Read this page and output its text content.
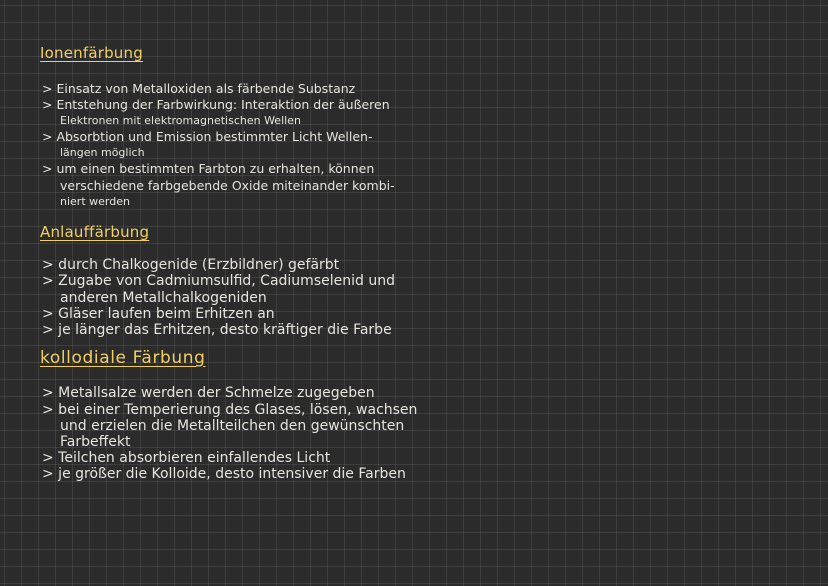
Ionenfärbung
> Einsatz von Metalloxiden als färbende Substanz
> Entstehung der Farbwirkung: Interaktion der äußeren
Elektronen mit elektromagnetischen Wellen
> Absorbtion und Emission bestimmter Licht Wellen-
längen möglich
> um einen bestimmten Farbton zu erhalten, können
verschiedene farbgebende Oxide miteinander kombi-
niert werden
Anlauffärbung
> durch Chalkogenide (Erzbildner) gefärbt
> Zugabe von Cadmiumsulfid, Cadiumselenid und
anderen Metallchalkogeniden
> Gläser laufen beim Erhitzen an
> je länger das Erhitzen, desto kräftiger die Farbe
kollodiale Färbung
> Metallsalze werden der Schmelze zugegeben
> bei einer Temperierung des Glases, lösen, wachsen
und erzielen die Metallteilchen den gewünschten
Farbeffekt
> Teilchen absorbieren einfallendes Licht
> je größer die Kolloide, desto intensiver die Farben
